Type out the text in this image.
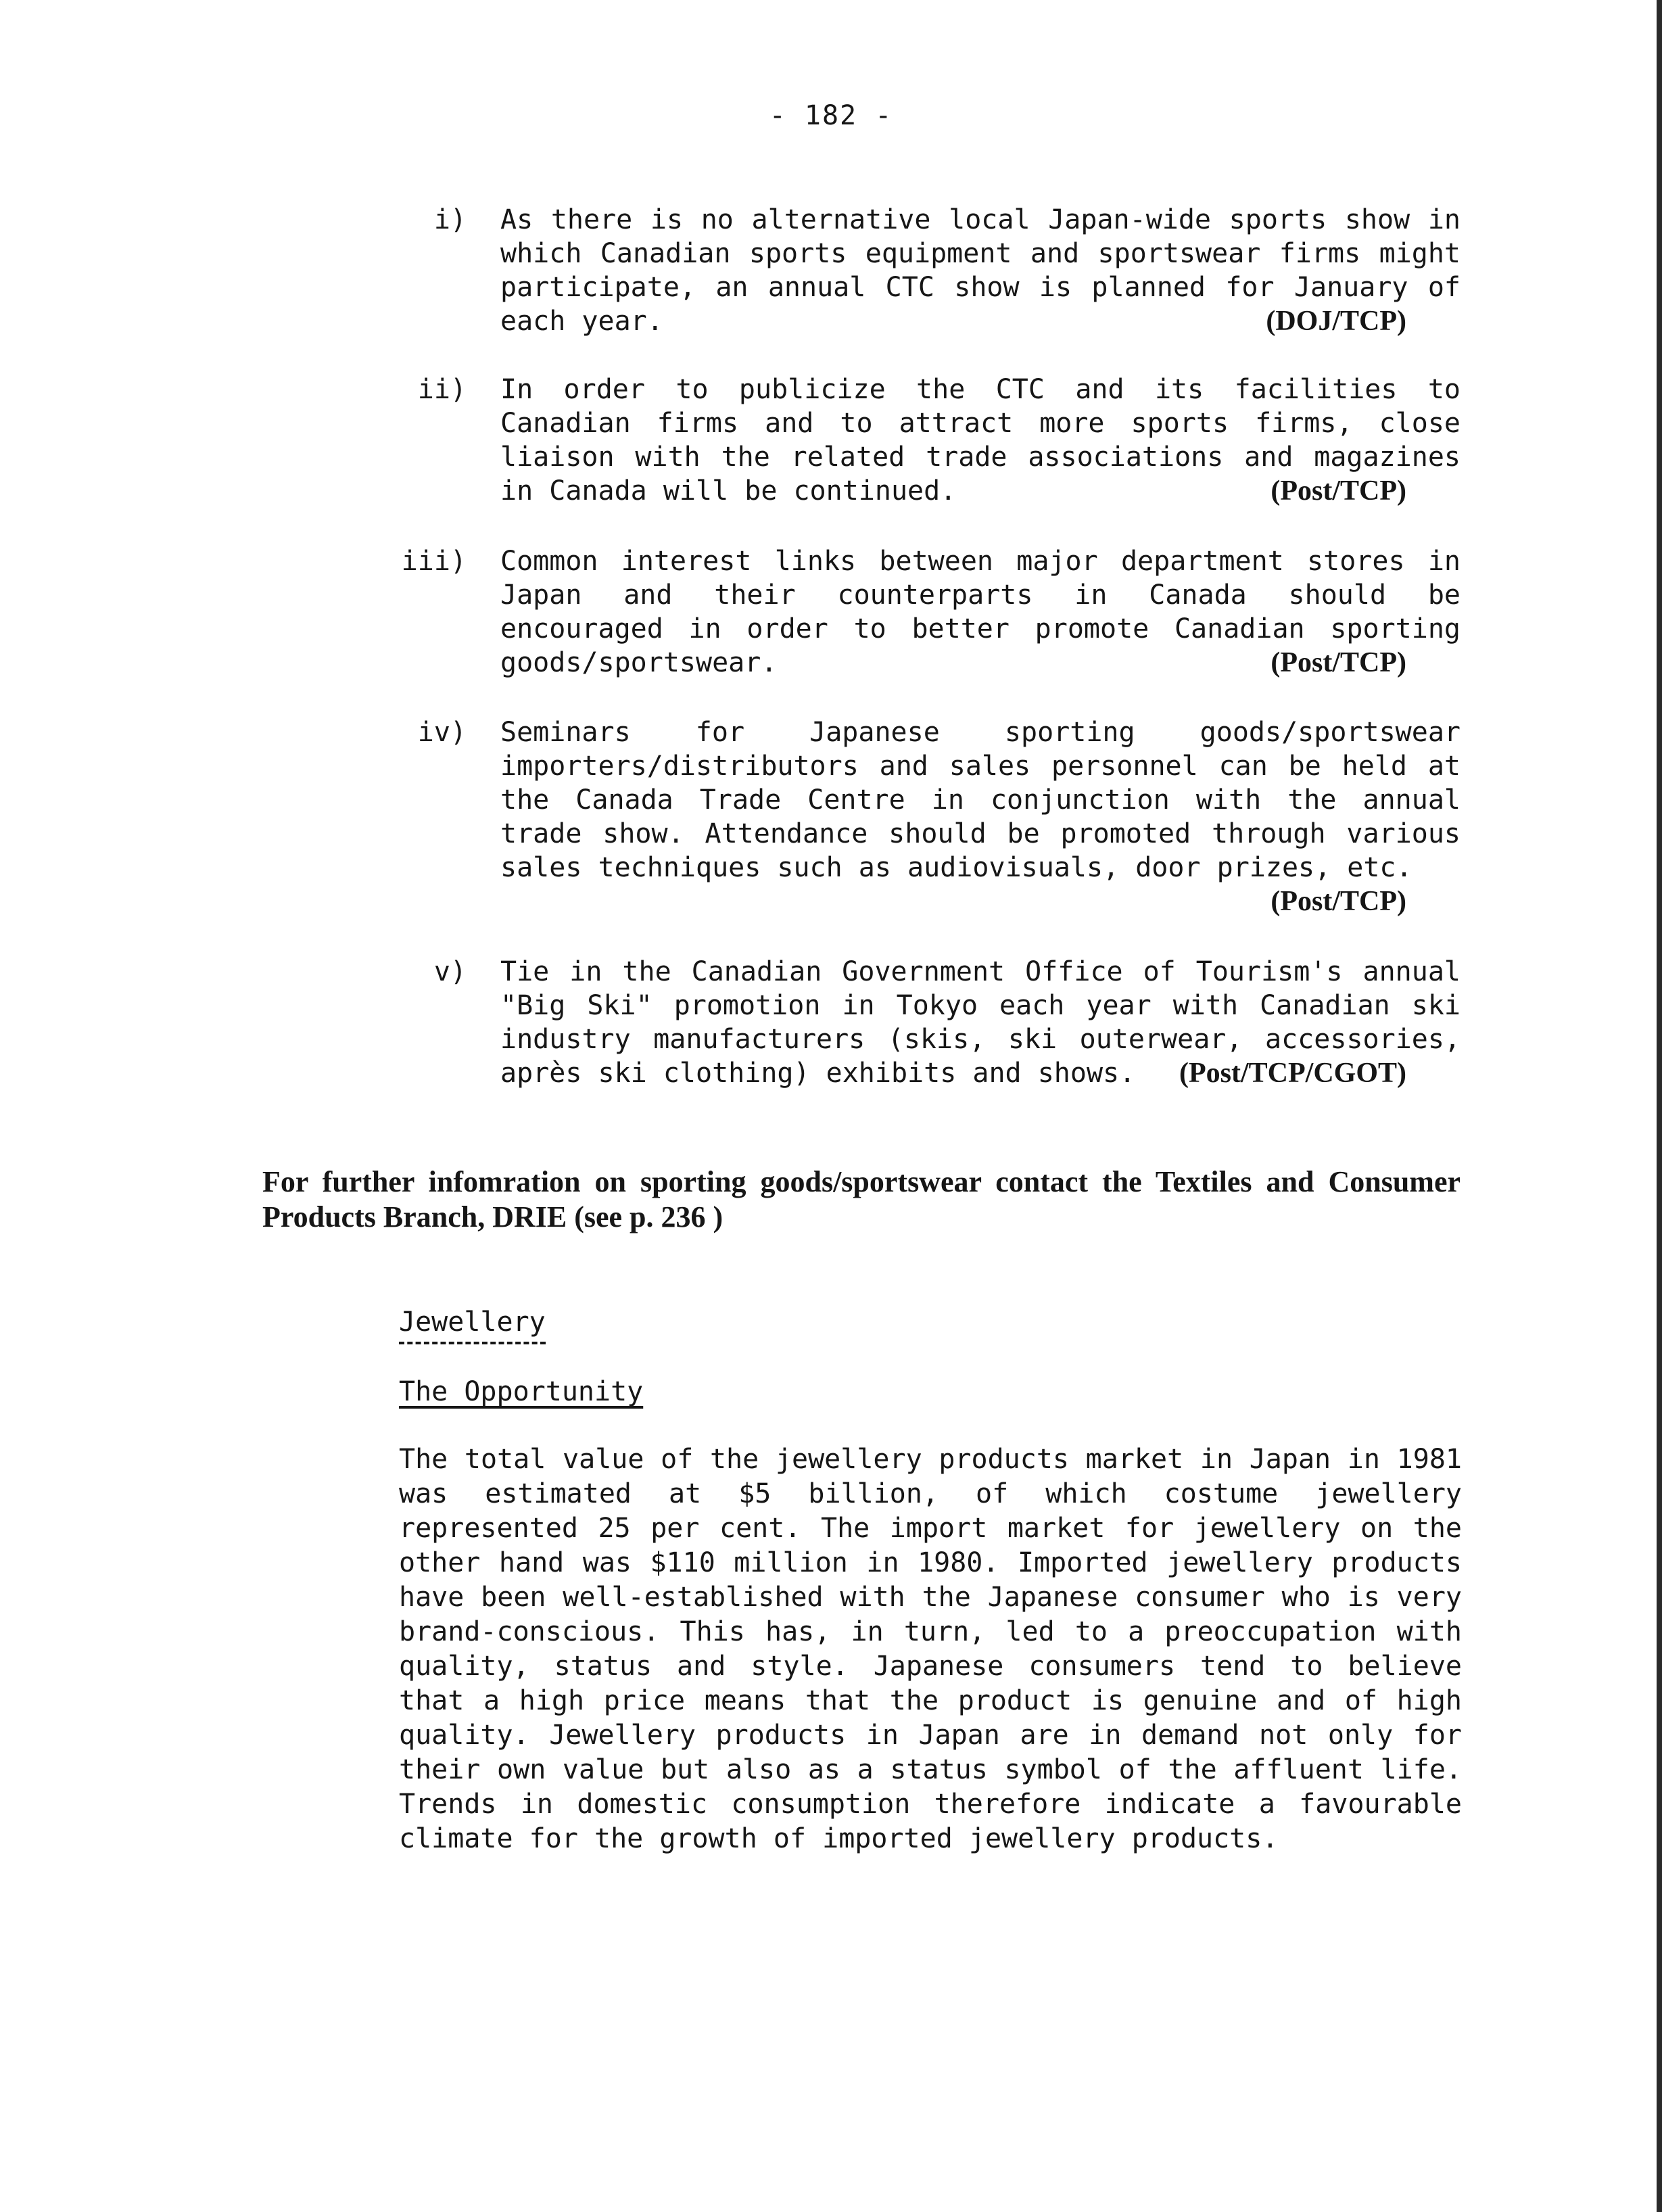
- 182 -
i) As there is no alternative local Japan-wide sports show in which Canadian sports equipment and sportswear firms might participate, an annual CTC show is planned for January of each year.	(DOJ/TCP)
ii) In order to publicize the CTC and its facilities to Canadian firms and to attract more sports firms, close liaison with the related trade associations and magazines in Canada will be continued.	(Post/TCP)
iii) Common interest links between major department stores in Japan and their counterparts in Canada should be encouraged in order to better promote Canadian sporting goods/sportswear.	(Post/TCP)
iv) Seminars for Japanese sporting goods/sportswear importers/distributors and sales personnel can be held at the Canada Trade Centre in conjunction with the annual trade show. Attendance should be promoted through various sales techniques such as audiovisuals, door prizes, etc.
(Post/TCP)
v) Tie in the Canadian Government Office of Tourism's annual "Big Ski" promotion in Tokyo each year with Canadian ski industry manufacturers (skis, ski outerwear, accessories, après ski clothing) exhibits and shows. (Post/TCP/CGOT)
For further infomration on sporting goods/sportswear contact the Textiles and Consumer Products Branch, DRIE (see p. 236 )
Jewellery
The Opportunity
The total value of the jewellery products market in Japan in 1981 was estimated at $5 billion, of which costume jewellery represented 25 per cent. The import market for jewellery on the other hand was $110 million in 1980. Imported jewellery products have been well-established with the Japanese consumer who is very brand-conscious. This has, in turn, led to a preoccupation with quality, status and style. Japanese consumers tend to believe that a high price means that the product is genuine and of high quality. Jewellery products in Japan are in demand not only for their own value but also as a status symbol of the affluent life. Trends in domestic consumption therefore indicate a favourable climate for the growth of imported jewellery products.
